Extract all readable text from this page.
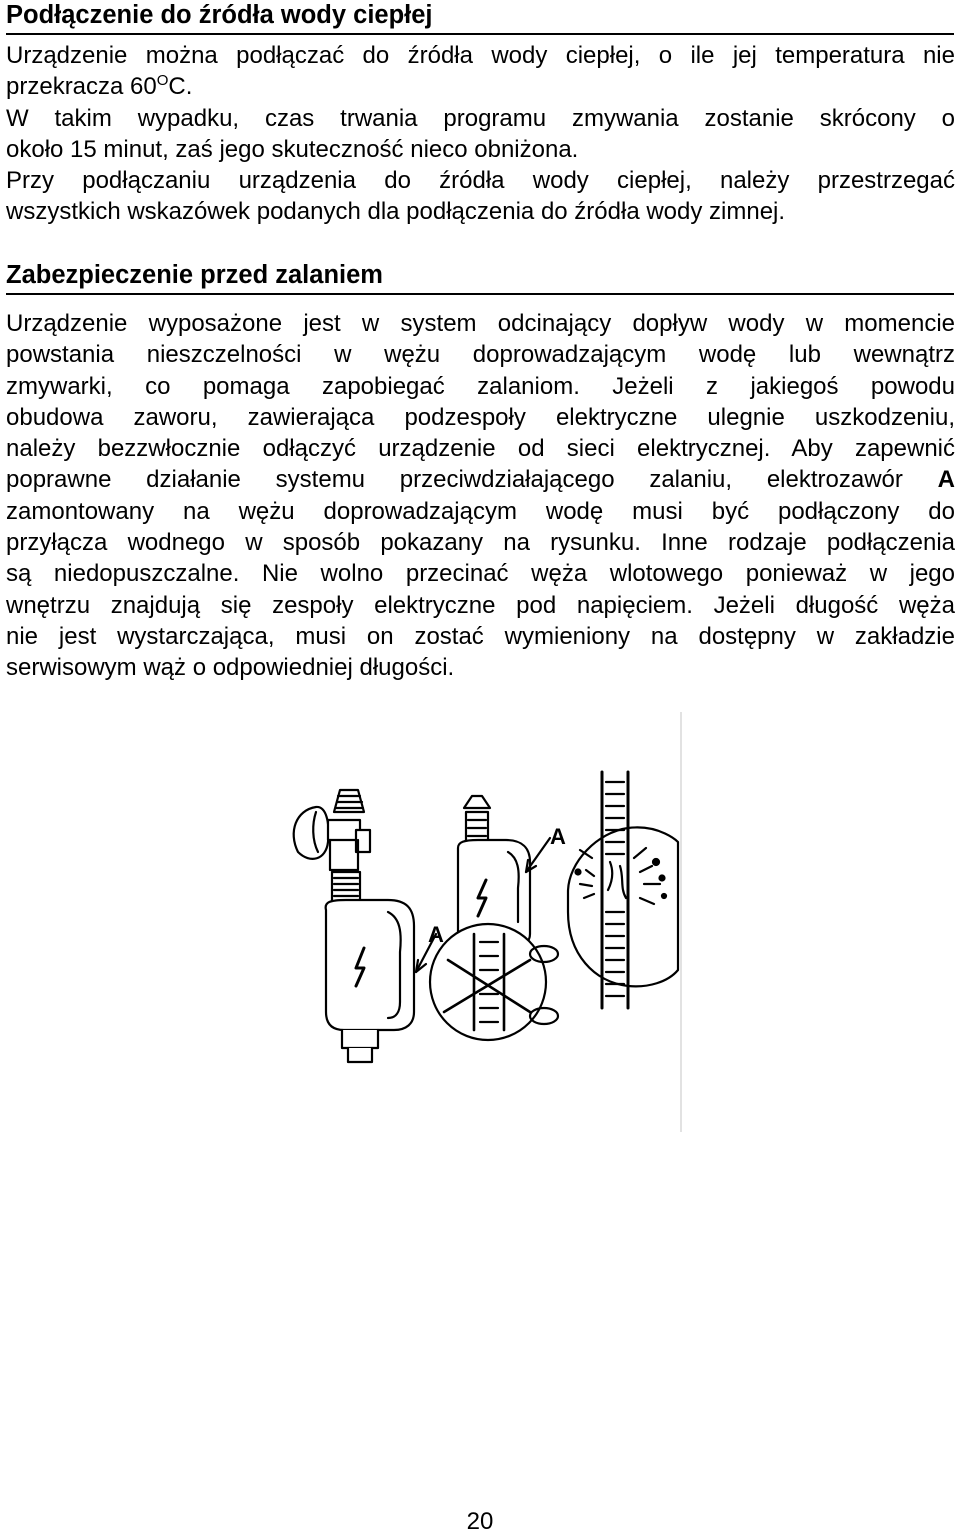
Podłączenie do źródła wody ciepłej
Urządzenie można podłączać do źródła wody ciepłej, o ile jej temperatura nie
przekracza $60^OC$.
W takim wypadku, czas trwania programu zmywania zostanie skrócony o
około 15 minut, zaś jego skuteczność nieco obniżona.
Przy podłączaniu urządzenia do źródła wody ciepłej, należy przestrzegać
wszystkich wskazówek podanych dla podłączenia do źródła wody zimnej.
Zabezpieczenie przed zalaniem
Urządzenie wyposażone jest w system odcinający dopływ wody w momencie
powstania nieszczelności w wężu doprowadzającym wodę lub wewnątrz
zmywarki, co pomaga zapobiegać zalaniom. Jeżeli z jakiegoś powodu
obudowa zaworu, zawierająca podzespoły elektryczne ulegnie uszkodzeniu,
należy bezzwłocznie odłączyć urządzenie od sieci elektrycznej. Aby zapewnić
poprawne działanie systemu przeciwdziałającego zalaniu, elektrozawór A
zamontowany na wężu doprowadzającym wodę musi być podłączony do
przyłącza wodnego w sposób pokazany na rysunku. Inne rodzaje podłączenia
są niedopuszczalne. Nie wolno przecinać węża wlotowego ponieważ w jego
wnętrzu znajdują się zespoły elektryczne pod napięciem. Jeżeli długość węża
nie jest wystarczająca, musi on zostać wymieniony na dostępny w zakładzie
serwisowym wąż o odpowiedniej długości.
A
A
20
